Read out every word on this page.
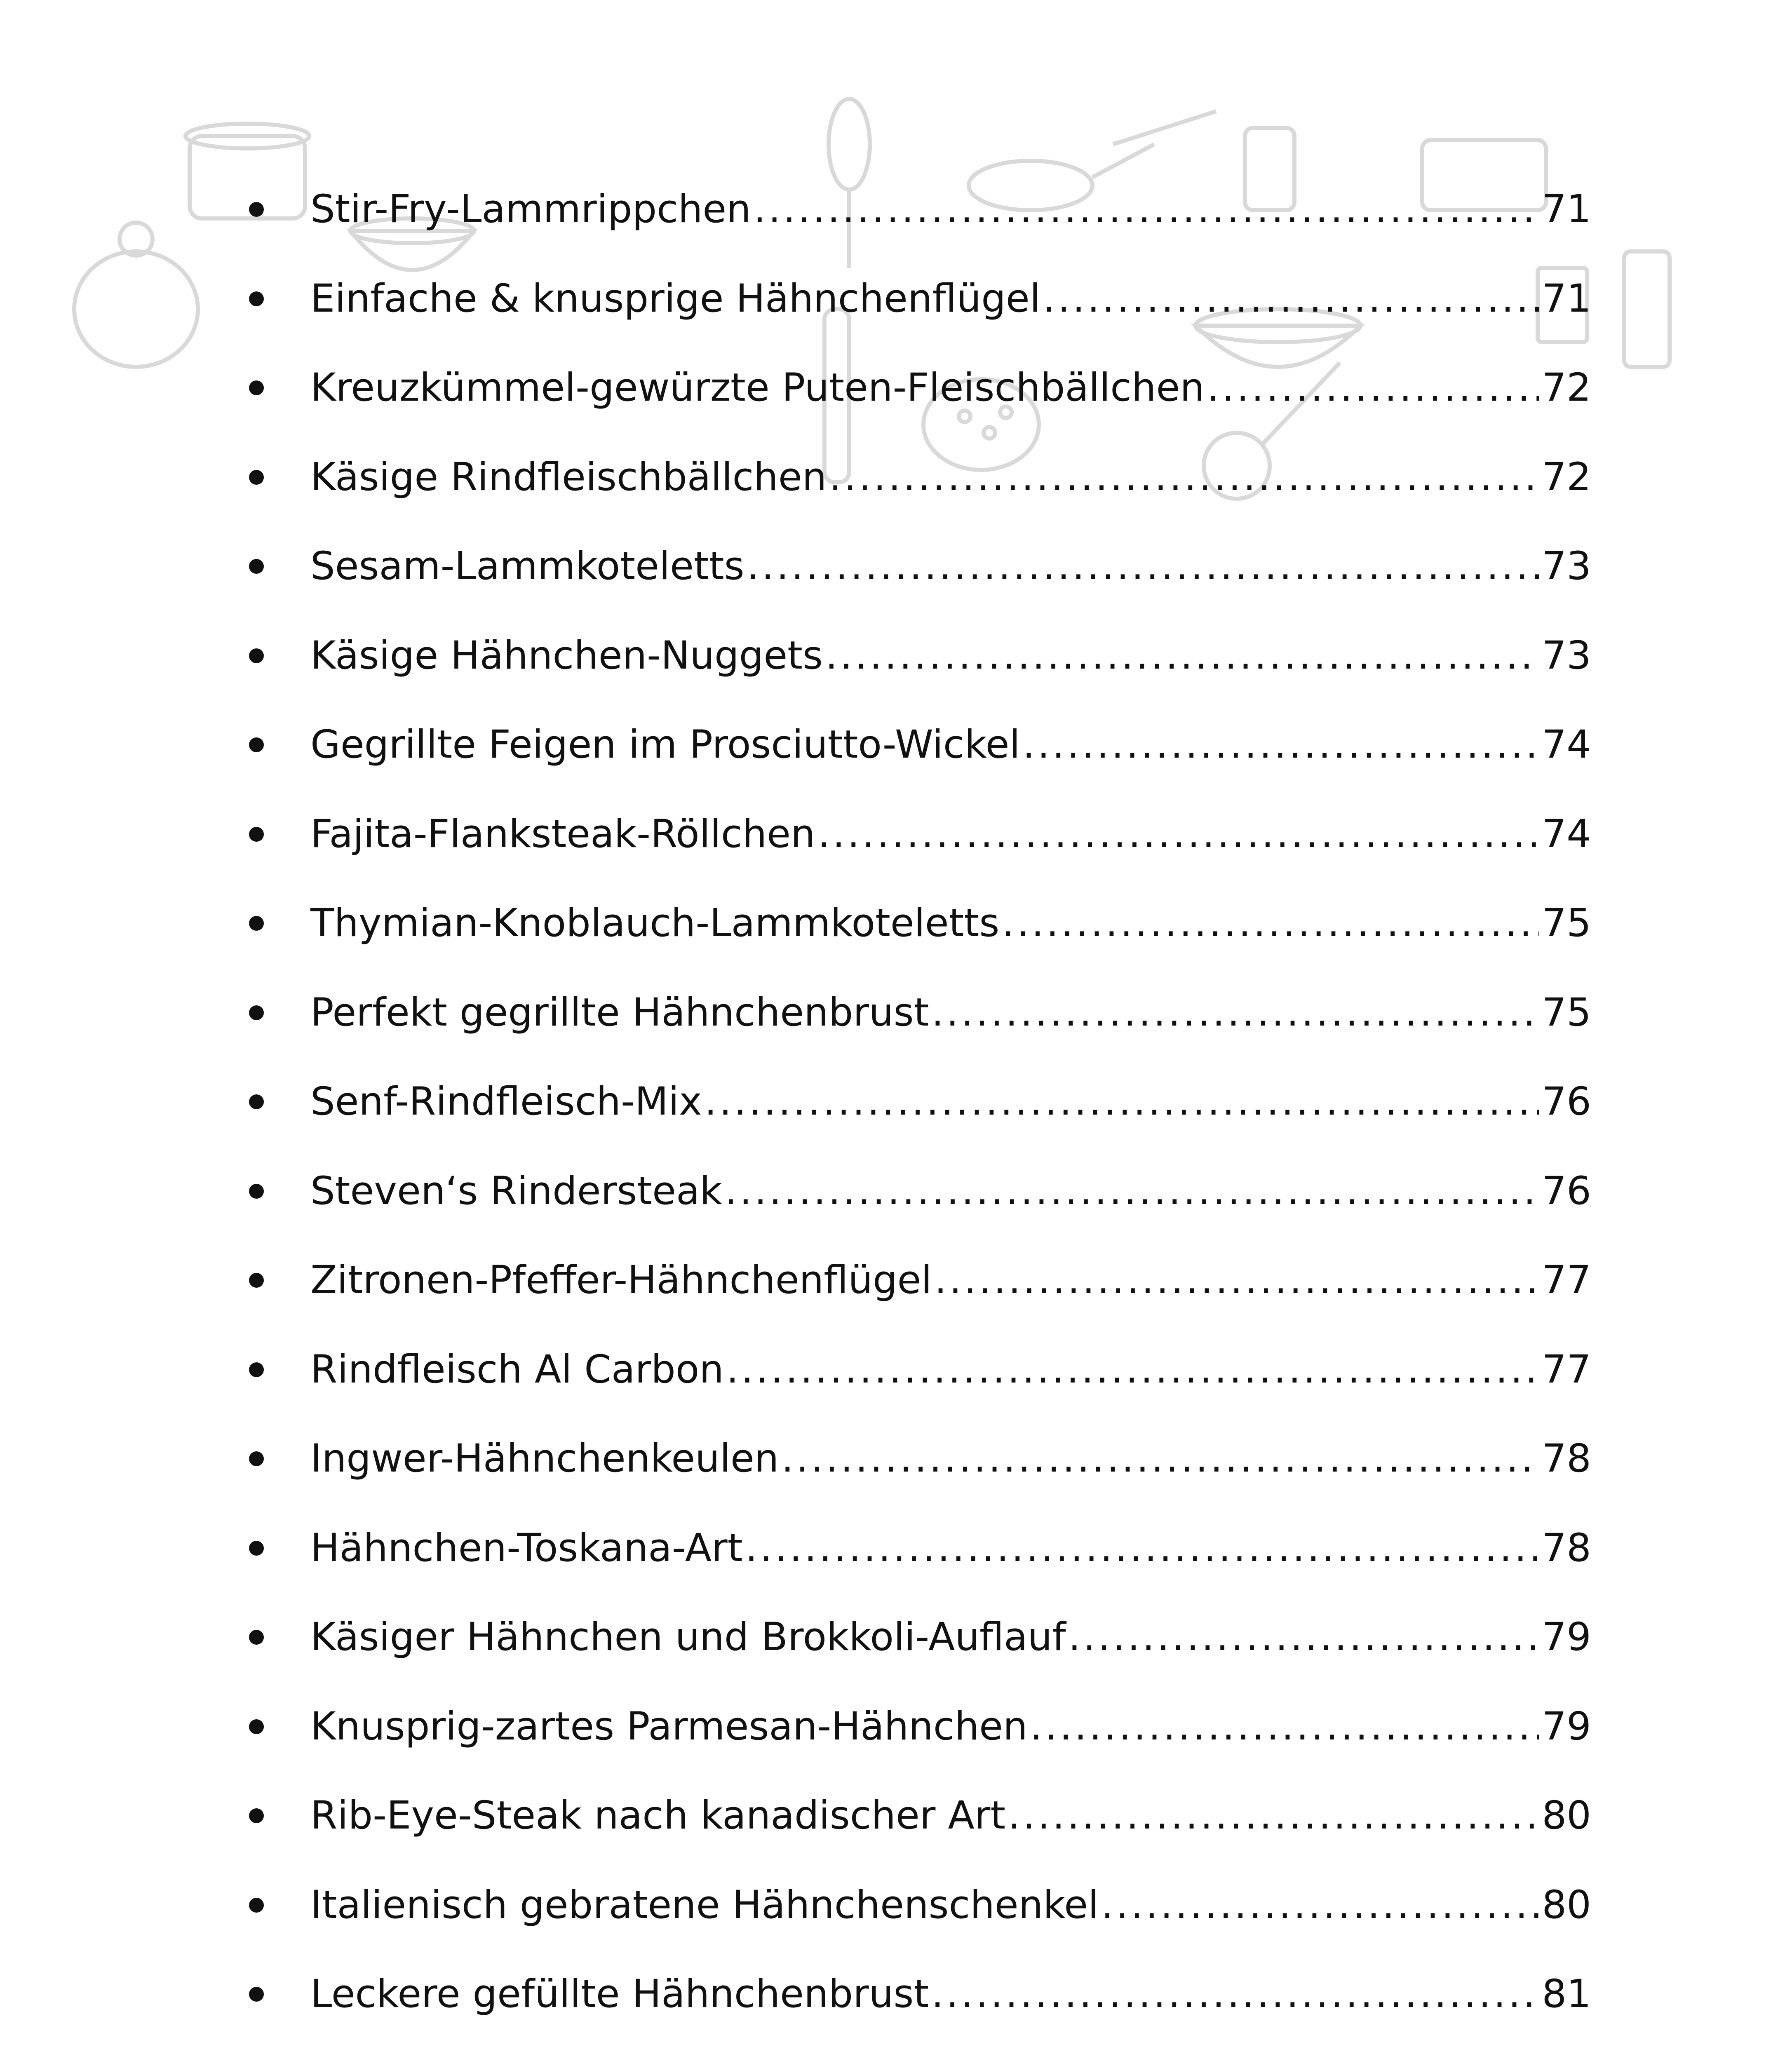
Stir-Fry-Lammrippchen .....	71
Einfache & knusprige Hähnchenflügel .....	71
Kreuzkümmel-gewürzte Puten-Fleischbällchen .....	72
Käsige Rindfleischbällchen .....	72
Sesam-Lammkoteletts .....	73
Käsige Hähnchen-Nuggets .....	73
Gegrillte Feigen im Prosciutto-Wickel .....	74
Fajita-Flanksteak-Röllchen .....	74
Thymian-Knoblauch-Lammkoteletts .....	75
Perfekt gegrillte Hähnchenbrust .....	75
Senf-Rindfleisch-Mix .....	76
Steven‘s Rindersteak .....	76
Zitronen-Pfeffer-Hähnchenflügel .....	77
Rindfleisch Al Carbon .....	77
Ingwer-Hähnchenkeulen .....	78
Hähnchen-Toskana-Art .....	78
Käsiger Hähnchen und Brokkoli-Auflauf .....	79
Knusprig-zartes Parmesan-Hähnchen .....	79
Rib-Eye-Steak nach kanadischer Art .....	80
Italienisch gebratene Hähnchenschenkel .....	80
Leckere gefüllte Hähnchenbrust .....	81
